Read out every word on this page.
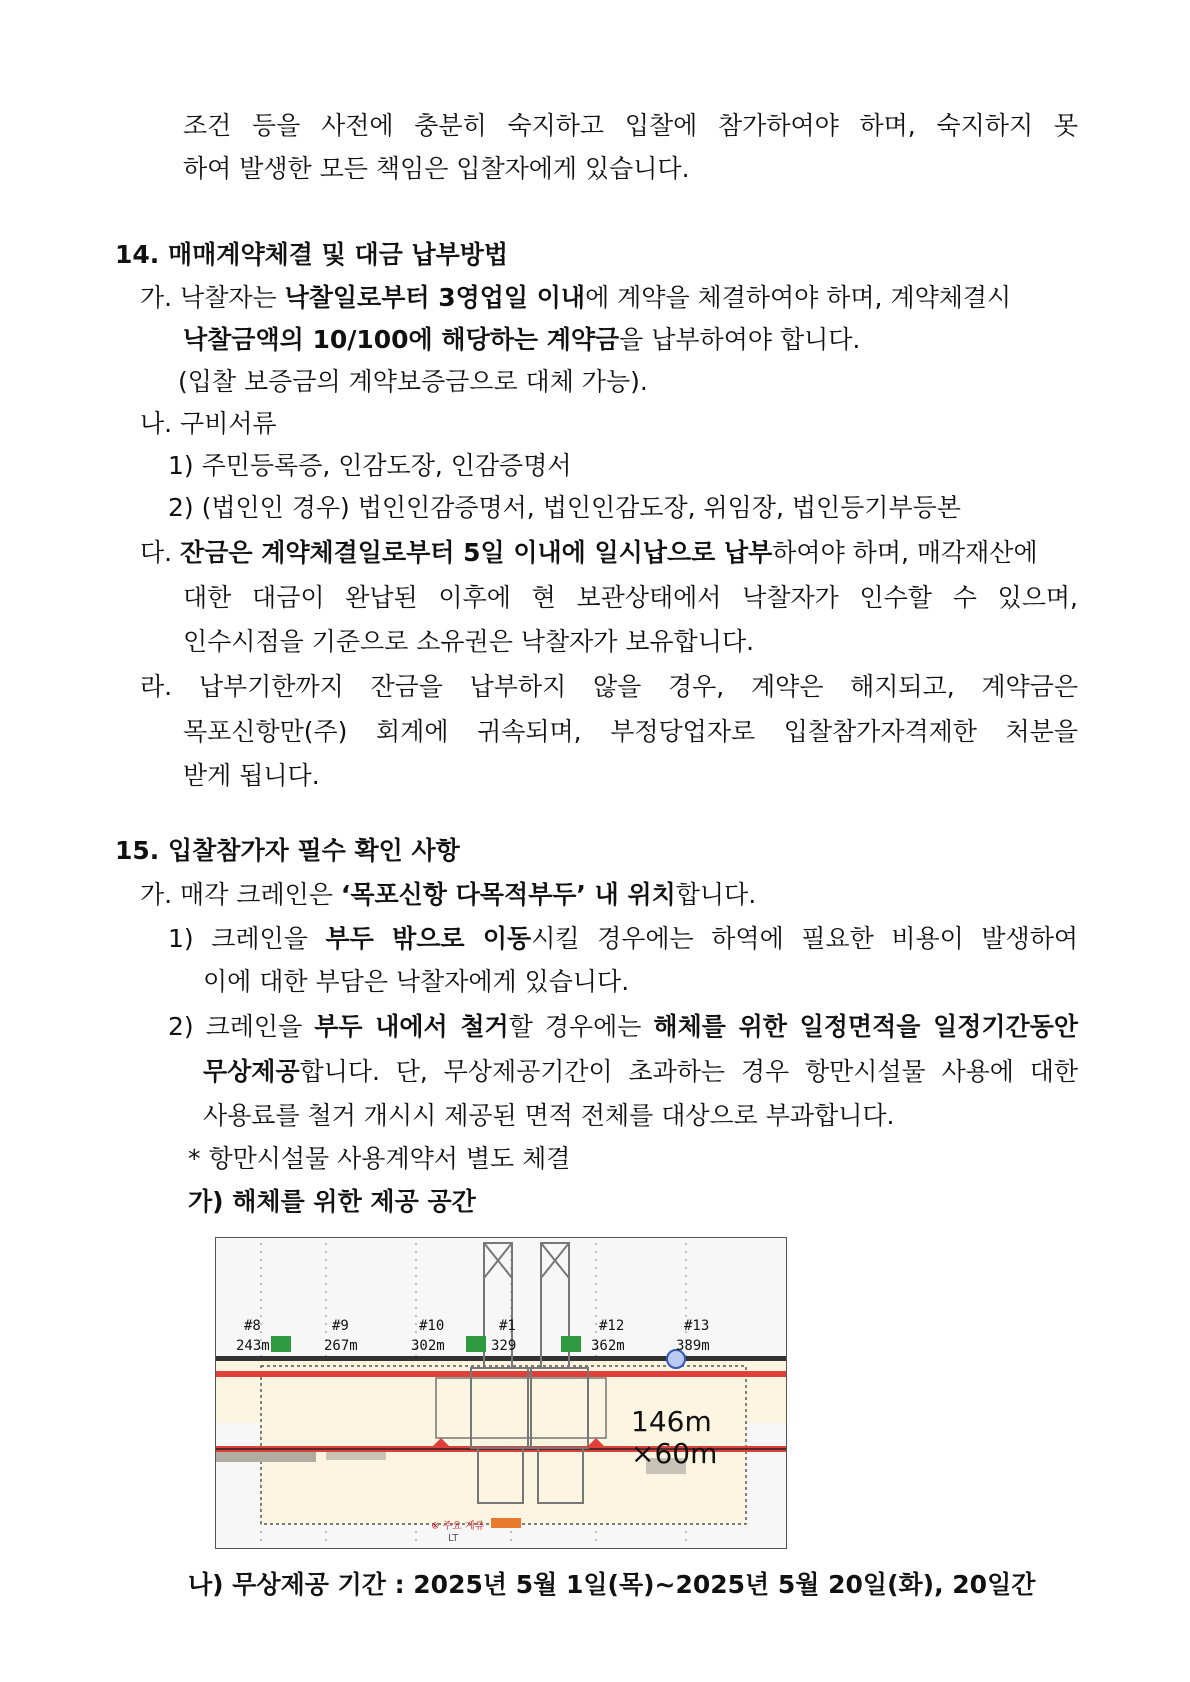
조건 등을 사전에 충분히 숙지하고 입찰에 참가하여야 하며, 숙지하지 못
하여 발생한 모든 책임은 입찰자에게 있습니다.
14. 매매계약체결 및 대금 납부방법
가. 낙찰자는 낙찰일로부터 3영업일 이내에 계약을 체결하여야 하며, 계약체결시
낙찰금액의 10/100에 해당하는 계약금을 납부하여야 합니다.
(입찰 보증금의 계약보증금으로 대체 가능).
나. 구비서류
1) 주민등록증, 인감도장, 인감증명서
2) (법인인 경우) 법인인감증명서, 법인인감도장, 위임장, 법인등기부등본
다. 잔금은 계약체결일로부터 5일 이내에 일시납으로 납부하여야 하며, 매각재산에
대한 대금이 완납된 이후에 현 보관상태에서 낙찰자가 인수할 수 있으며,
인수시점을 기준으로 소유권은 낙찰자가 보유합니다.
라. 납부기한까지 잔금을 납부하지 않을 경우, 계약은 해지되고, 계약금은
목포신항만(주) 회계에 귀속되며, 부정당업자로 입찰참가자격제한 처분을
받게 됩니다.
15. 입찰참가자 필수 확인 사항
가. 매각 크레인은 ‘목포신항 다목적부두’ 내 위치합니다.
1) 크레인을 부두 밖으로 이동시킬 경우에는 하역에 필요한 비용이 발생하여
이에 대한 부담은 낙찰자에게 있습니다.
2) 크레인을 부두 내에서 철거할 경우에는 해체를 위한 일정면적을 일정기간동안
무상제공합니다. 단, 무상제공기간이 초과하는 경우 항만시설물 사용에 대한
사용료를 철거 개시시 제공된 면적 전체를 대상으로 부과합니다.
* 항만시설물 사용계약서 별도 체결
가) 해체를 위한 제공 공간
#8
243m
#9
267m
#10
302m
#1
329
#12
362m
#13
389m
146m
×60m
※ 주요 계류
LT
나) 무상제공 기간 : 2025년 5월 1일(목)~2025년 5월 20일(화), 20일간
